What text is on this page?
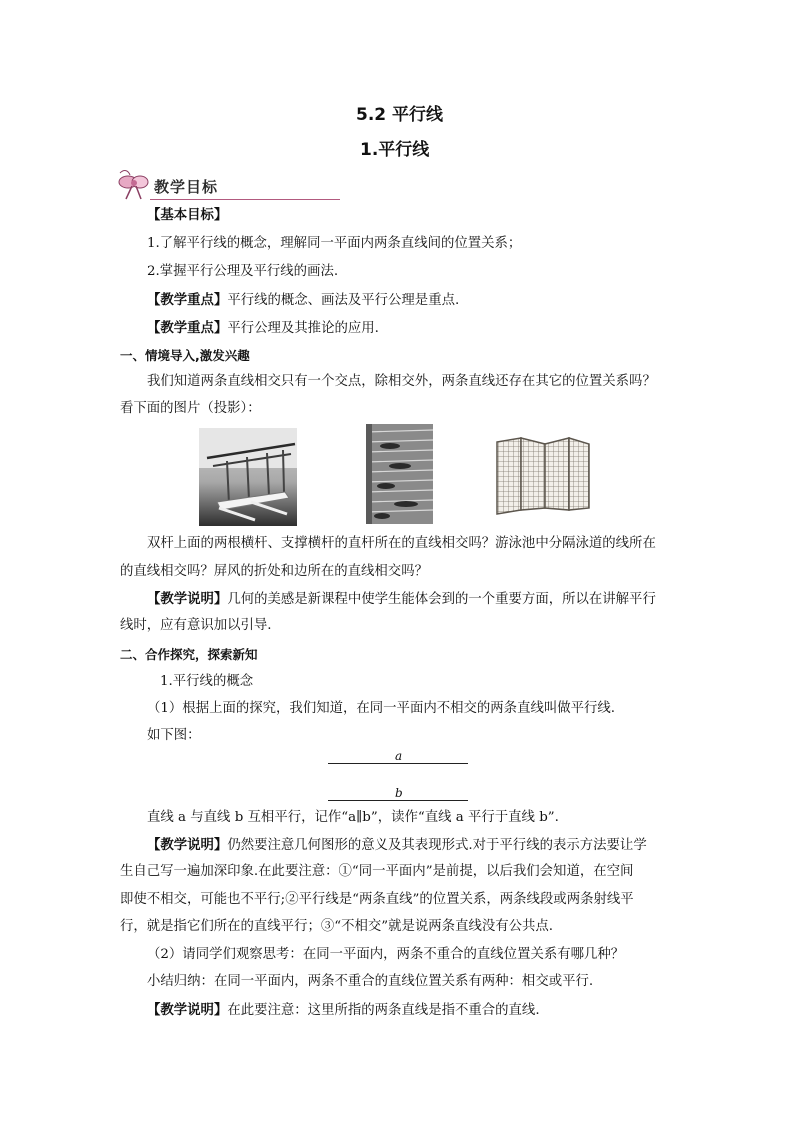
5.2 平行线
1.平行线
教学目标
【基本目标】
1.了解平行线的概念，理解同一平面内两条直线间的位置关系；
2.掌握平行公理及平行线的画法.
【教学重点】平行线的概念、画法及平行公理是重点.
【教学重点】平行公理及其推论的应用.
一、情境导入,激发兴趣
我们知道两条直线相交只有一个交点，除相交外，两条直线还存在其它的位置关系吗？
看下面的图片（投影）：
双杆上面的两根横杆、支撑横杆的直杆所在的直线相交吗？游泳池中分隔泳道的线所在
的直线相交吗？屏风的折处和边所在的直线相交吗？
【教学说明】几何的美感是新课程中使学生能体会到的一个重要方面，所以在讲解平行
线时，应有意识加以引导.
二、合作探究，探索新知
1.平行线的概念
（1）根据上面的探究，我们知道，在同一平面内不相交的两条直线叫做平行线.
如下图：
a
b
直线 a 与直线 b 互相平行，记作“a∥b”，读作“直线 a 平行于直线 b”.
【教学说明】仍然要注意几何图形的意义及其表现形式.对于平行线的表示方法要让学
生自己写一遍加深印象.在此要注意：①“同一平面内”是前提，以后我们会知道，在空间
即使不相交，可能也不平行;②平行线是“两条直线”的位置关系，两条线段或两条射线平
行，就是指它们所在的直线平行；③“不相交”就是说两条直线没有公共点.
（2）请同学们观察思考：在同一平面内，两条不重合的直线位置关系有哪几种？
小结归纳：在同一平面内，两条不重合的直线位置关系有两种：相交或平行.
【教学说明】在此要注意：这里所指的两条直线是指不重合的直线.
